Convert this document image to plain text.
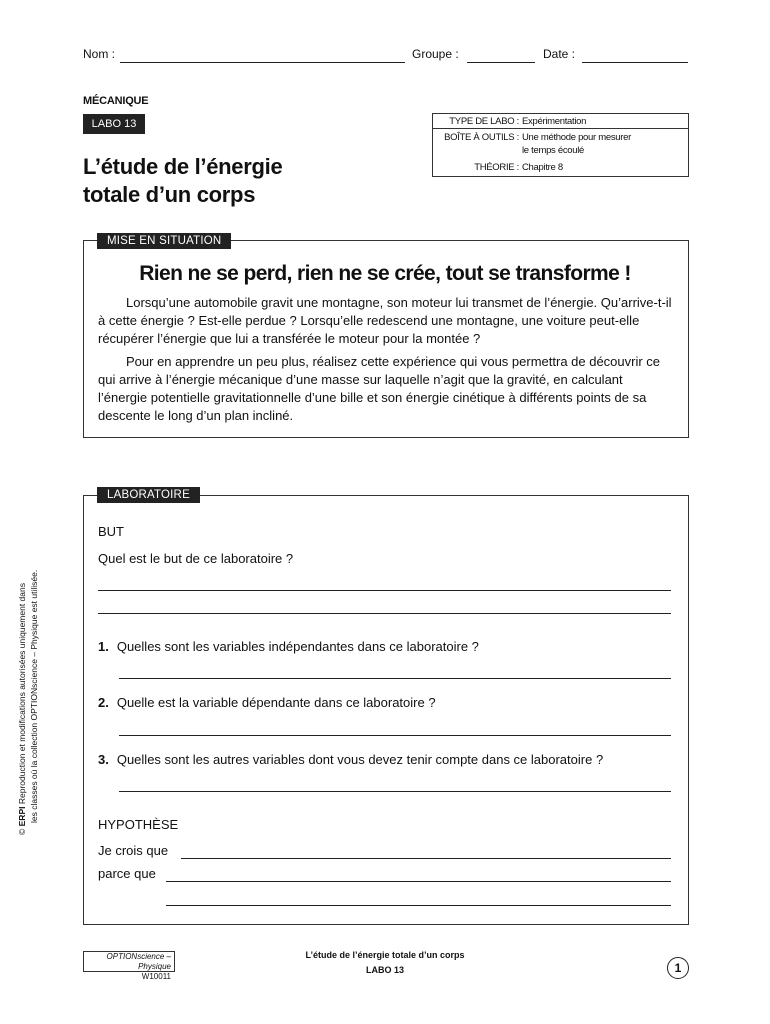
Nom :	Groupe :	Date :
MÉCANIQUE
LABO 13
L’étude de l’énergie
totale d’un corps
TYPE DE LABO : Expérimentation
BOÎTE À OUTILS : Une méthode pour mesurer
le temps écoulé
THÉORIE : Chapitre 8
MISE EN SITUATION
Rien ne se perd, rien ne se crée, tout se transforme !

Lorsqu’une automobile gravit une montagne, son moteur lui transmet de l’énergie. Qu’arrive-t-il à cette énergie ? Est-elle perdue ? Lorsqu’elle redescend une montagne, une voiture peut-elle récupérer l’énergie que lui a transférée le moteur pour la montée ?

Pour en apprendre un peu plus, réalisez cette expérience qui vous permettra de découvrir ce qui arrive à l’énergie mécanique d’une masse sur laquelle n’agit que la gravité, en calculant l’énergie potentielle gravitationnelle d’une bille et son énergie cinétique à différents points de sa descente le long d’un plan incliné.

LABORATOIRE
BUT
Quel est le but de ce laboratoire ?
1. Quelles sont les variables indépendantes dans ce laboratoire ?
2. Quelle est la variable dépendante dans ce laboratoire ?
3. Quelles sont les autres variables dont vous devez tenir compte dans ce laboratoire ?
HYPOTHÈSE
Je crois que
parce que
© ERPI Reproduction et modifications autorisées uniquement dans les classes où la collection OPTIONscience – Physique est utilisée.
OPTIONscience – Physique
W10011
L’étude de l’énergie totale d’un corps
LABO 13	1
